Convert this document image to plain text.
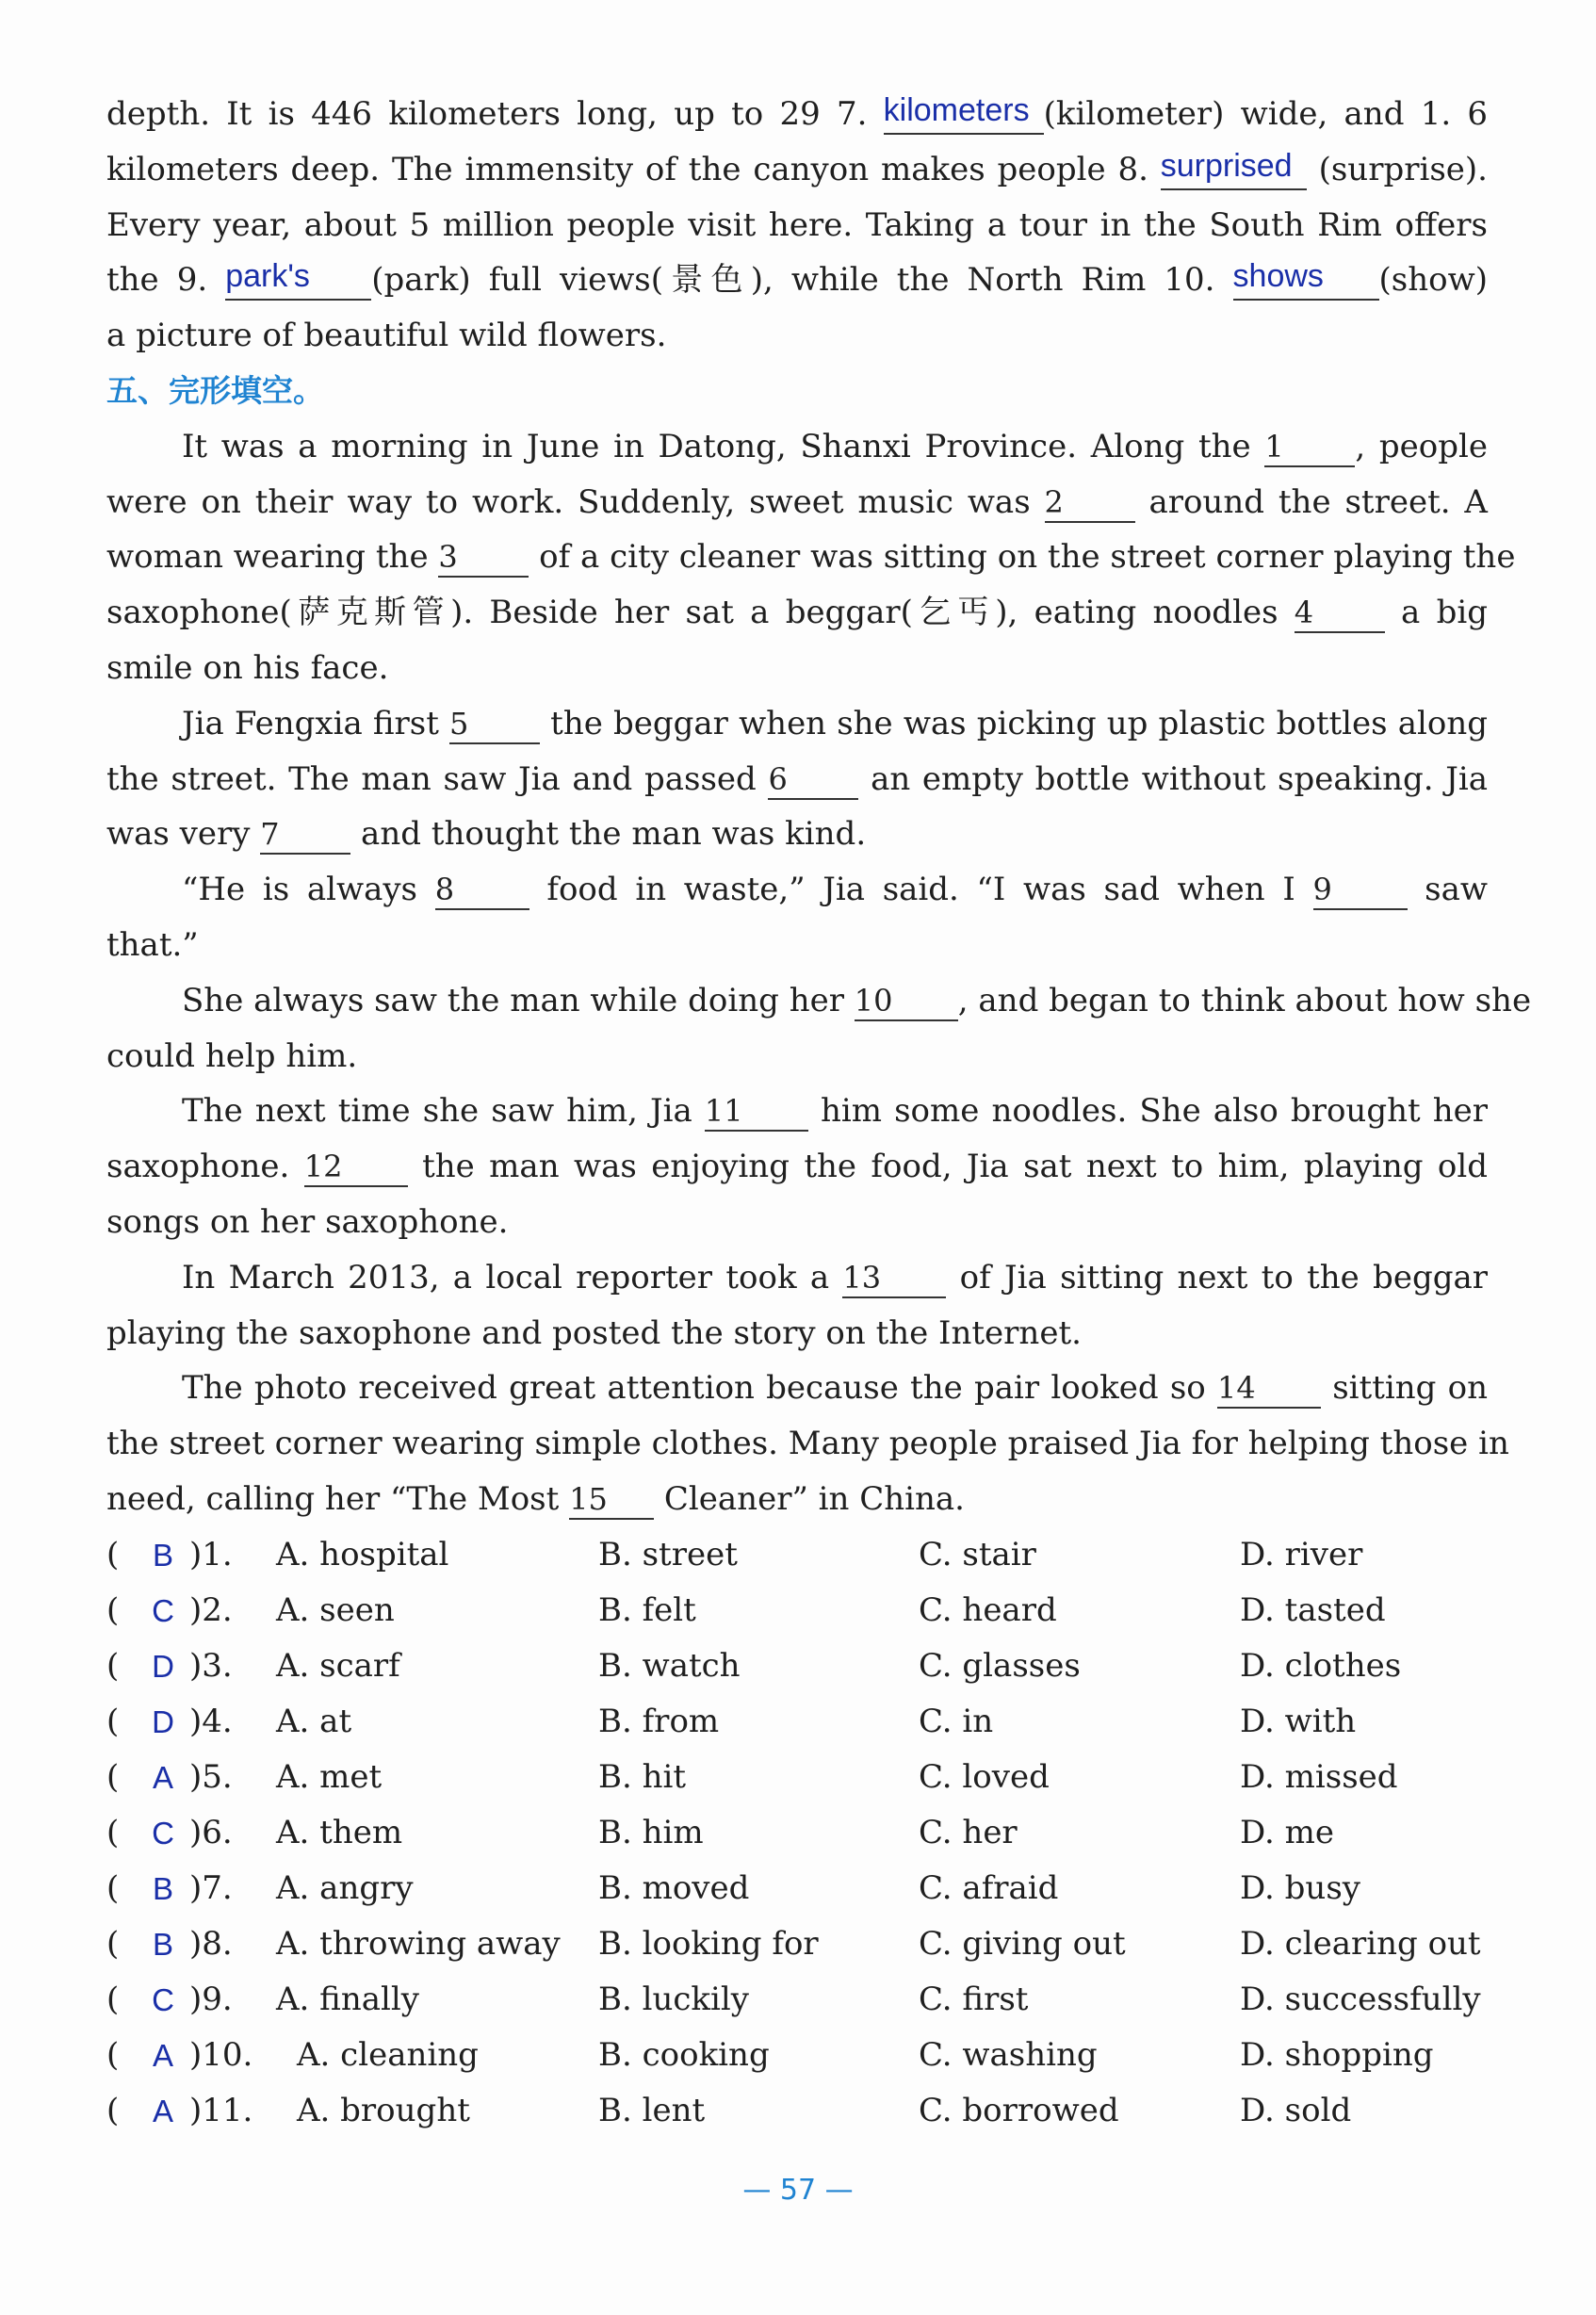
depth. It is 446 kilometers long, up to 29 7. kilometers (kilometer) wide, and 1. 6
kilometers deep. The immensity of the canyon makes people 8. surprised (surprise).
Every year, about 5 million people visit here. Taking a tour in the South Rim offers
the 9. park's	(park) full views(景色), while the North Rim 10. shows	(show)
a picture of beautiful wild flowers.
五、完形填空。
It was a morning in June in Datong, Shanxi Province. Along the 1 , people
were on their way to work. Suddenly, sweet music was 2 around the street. A
woman wearing the 3 of a city cleaner was sitting on the street corner playing the
saxophone(萨克斯管). Beside her sat a beggar(乞丐), eating noodles 4 a big
smile on his face.
Jia Fengxia first 5 the beggar when she was picking up plastic bottles along
the street. The man saw Jia and passed 6 an empty bottle without speaking. Jia
was very 7 and thought the man was kind.
“He is always 8 food in waste,” Jia said. “I was sad when I 9 saw
that.”
She always saw the man while doing her 10 , and began to think about how she
could help him.
The next time she saw him, Jia 11 him some noodles. She also brought her
saxophone. 12 the man was enjoying the food, Jia sat next to him, playing old
songs on her saxophone.
In March 2013, a local reporter took a 13 of Jia sitting next to the beggar
playing the saxophone and posted the story on the Internet.
The photo received great attention because the pair looked so 14 sitting on
the street corner wearing simple clothes. Many people praised Jia for helping those in
need, calling her “The Most 15 Cleaner” in China.
( B )1. A. hospital	B. street	C. stair	D. river
( C )2. A. seen	B. felt	C. heard	D. tasted
( D )3. A. scarf	B. watch	C. glasses	D. clothes
( D )4. A. at	B. from	C. in	D. with
( A )5. A. met	B. hit	C. loved	D. missed
( C )6. A. them	B. him	C. her	D. me
( B )7. A. angry	B. moved	C. afraid	D. busy
( B )8. A. throwing away B. looking for	C. giving out	D. clearing out
( C )9. A. finally	B. luckily	C. first	D. successfully
( A )10. A. cleaning	B. cooking	C. washing	D. shopping
( A )11. A. brought	B. lent	C. borrowed	D. sold
— 57 —
